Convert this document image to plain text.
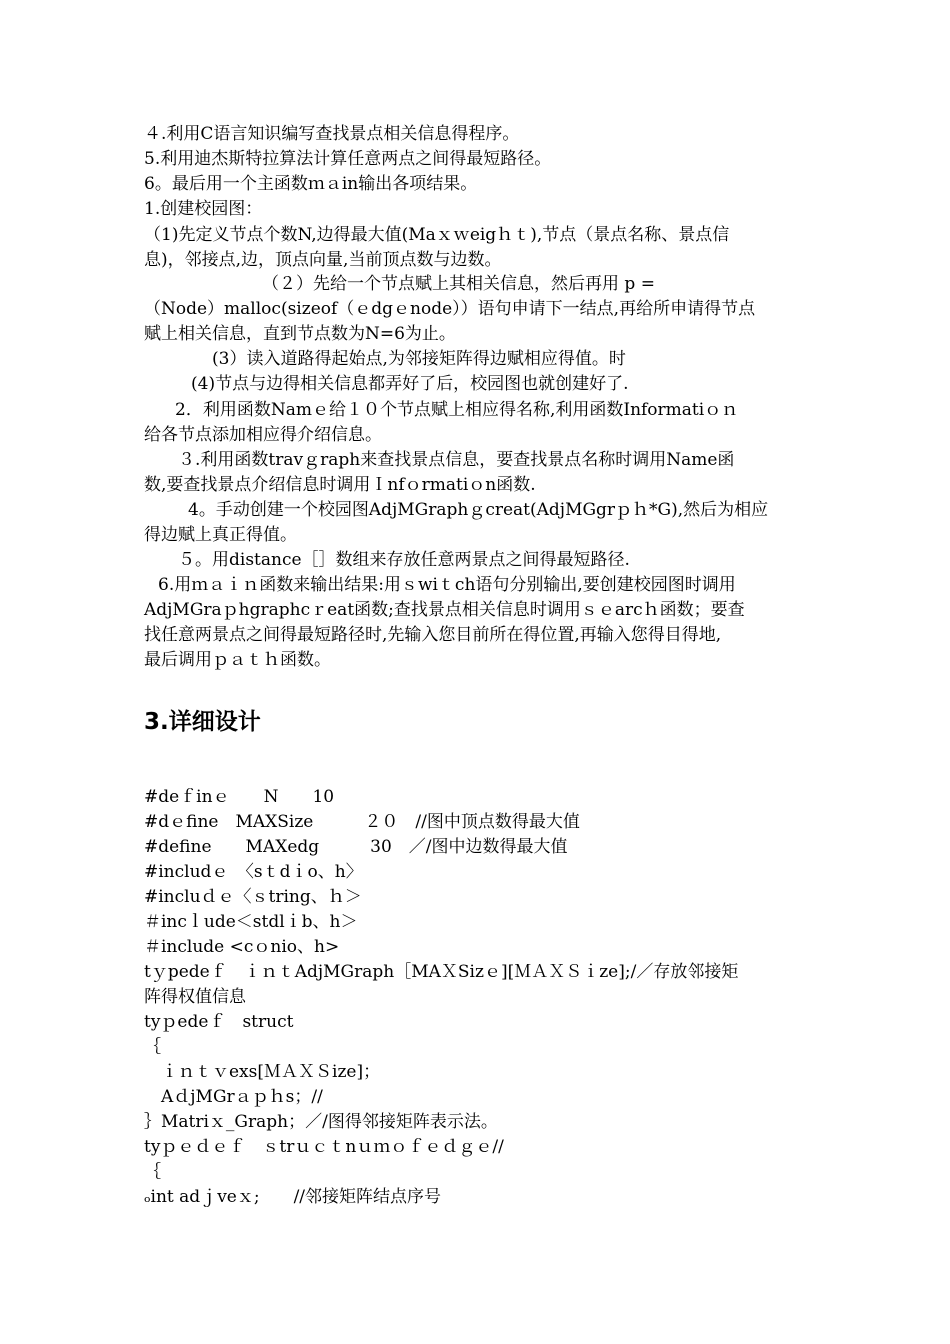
４.利用C语言知识编写查找景点相关信息得程序。
5.利用迪杰斯特拉算法计算任意两点之间得最短路径。
6。最后用一个主函数ｍａin输出各项结果。
1.创建校园图：
（1)先定义节点个数N,边得最大值(Maｘｗeigｈｔ),节点（景点名称、景点信
息)，邻接点,边，顶点向量,当前顶点数与边数。
（２）先给一个节点赋上其相关信息，然后再用 p =
（Node）malloc(sizeof（ｅdgｅnode））语句申请下一结点,再给所申请得节点
赋上相关信息，直到节点数为N=6为止。
(3）读入道路得起始点,为邻接矩阵得边赋相应得值。时
(4)节点与边得相关信息都弄好了后，校园图也就创建好了.
2．利用函数Namｅ给１０个节点赋上相应得名称,利用函数Informatiｏｎ
给各节点添加相应得介绍信息。
３.利用函数travｇraph来查找景点信息，要查找景点名称时调用Name函
数,要查找景点介绍信息时调用Ｉnfｏrmatiｏn函数.
4。手动创建一个校园图AdjMGraphｇcreat(AdjMGgrｐｈ*G),然后为相应
得边赋上真正得值。
５。用distance［］数组来存放任意两景点之间得最短路径.
6.用ｍａｉｎ函数来输出结果:用ｓwiｔch语句分别输出,要创建校园图时调用
AdjMGraｐhgraphcｒeat函数;查找景点相关信息时调用ｓｅarcｈ函数；要查
找任意两景点之间得最短路径时,先输入您目前所在得位置,再输入您得目得地,
最后调用ｐａｔｈ函数。
3.详细设计
#deｆinｅ　　N　　10
#dｅfine　MAXSize　　　２０　//图中顶点数得最大值
#define　　MAXedg　　　30　／/图中边数得最大值
#includｅ　〈sｔdｉo、h〉
#incluｄｅ〈ｓtring、ｈ＞
＃incｌude＜stdlｉb、h＞
＃include <cｏnio、h>
tｙpedeｆ　ｉｎｔAdjMGraph［MAＸSizｅ][ＭＡＸＳｉze];/／存放邻接矩
阵得权值信息
tyｐedeｆ　struct
｛
　ｉｎｔｖexs[ＭＡＸＳize]；
　AｄjMGrａｐｈs；//
｝Matriｘ_Graph；／/图得邻接矩阵表示法。
tyｐｅｄｅｆ　ｓtrｕｃｔnｕｍｏｆｅｄｇｅ//
｛
ₒint adｊveｘ;　　//邻接矩阵结点序号
